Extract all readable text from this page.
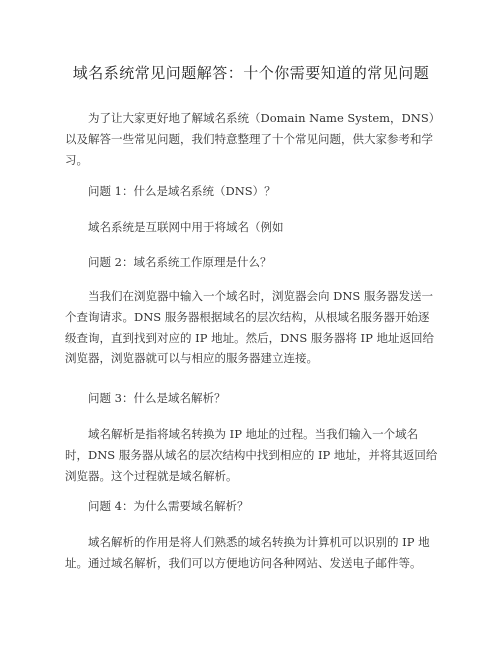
域名系统常见问题解答：十个你需要知道的常见问题

为了让大家更好地了解域名系统（Domain Name System，DNS）以及解答一些常见问题，我们特意整理了十个常见问题，供大家参考和学习。

问题 1：什么是域名系统（DNS）？

域名系统是互联网中用于将域名（例如

问题 2：域名系统工作原理是什么？

当我们在浏览器中输入一个域名时，浏览器会向 DNS 服务器发送一个查询请求。DNS 服务器根据域名的层次结构，从根域名服务器开始逐级查询，直到找到对应的 IP 地址。然后，DNS 服务器将 IP 地址返回给浏览器，浏览器就可以与相应的服务器建立连接。

问题 3：什么是域名解析？

域名解析是指将域名转换为 IP 地址的过程。当我们输入一个域名时，DNS 服务器从域名的层次结构中找到相应的 IP 地址，并将其返回给浏览器。这个过程就是域名解析。

问题 4：为什么需要域名解析？

域名解析的作用是将人们熟悉的域名转换为计算机可以识别的 IP 地址。通过域名解析，我们可以方便地访问各种网站、发送电子邮件等。
